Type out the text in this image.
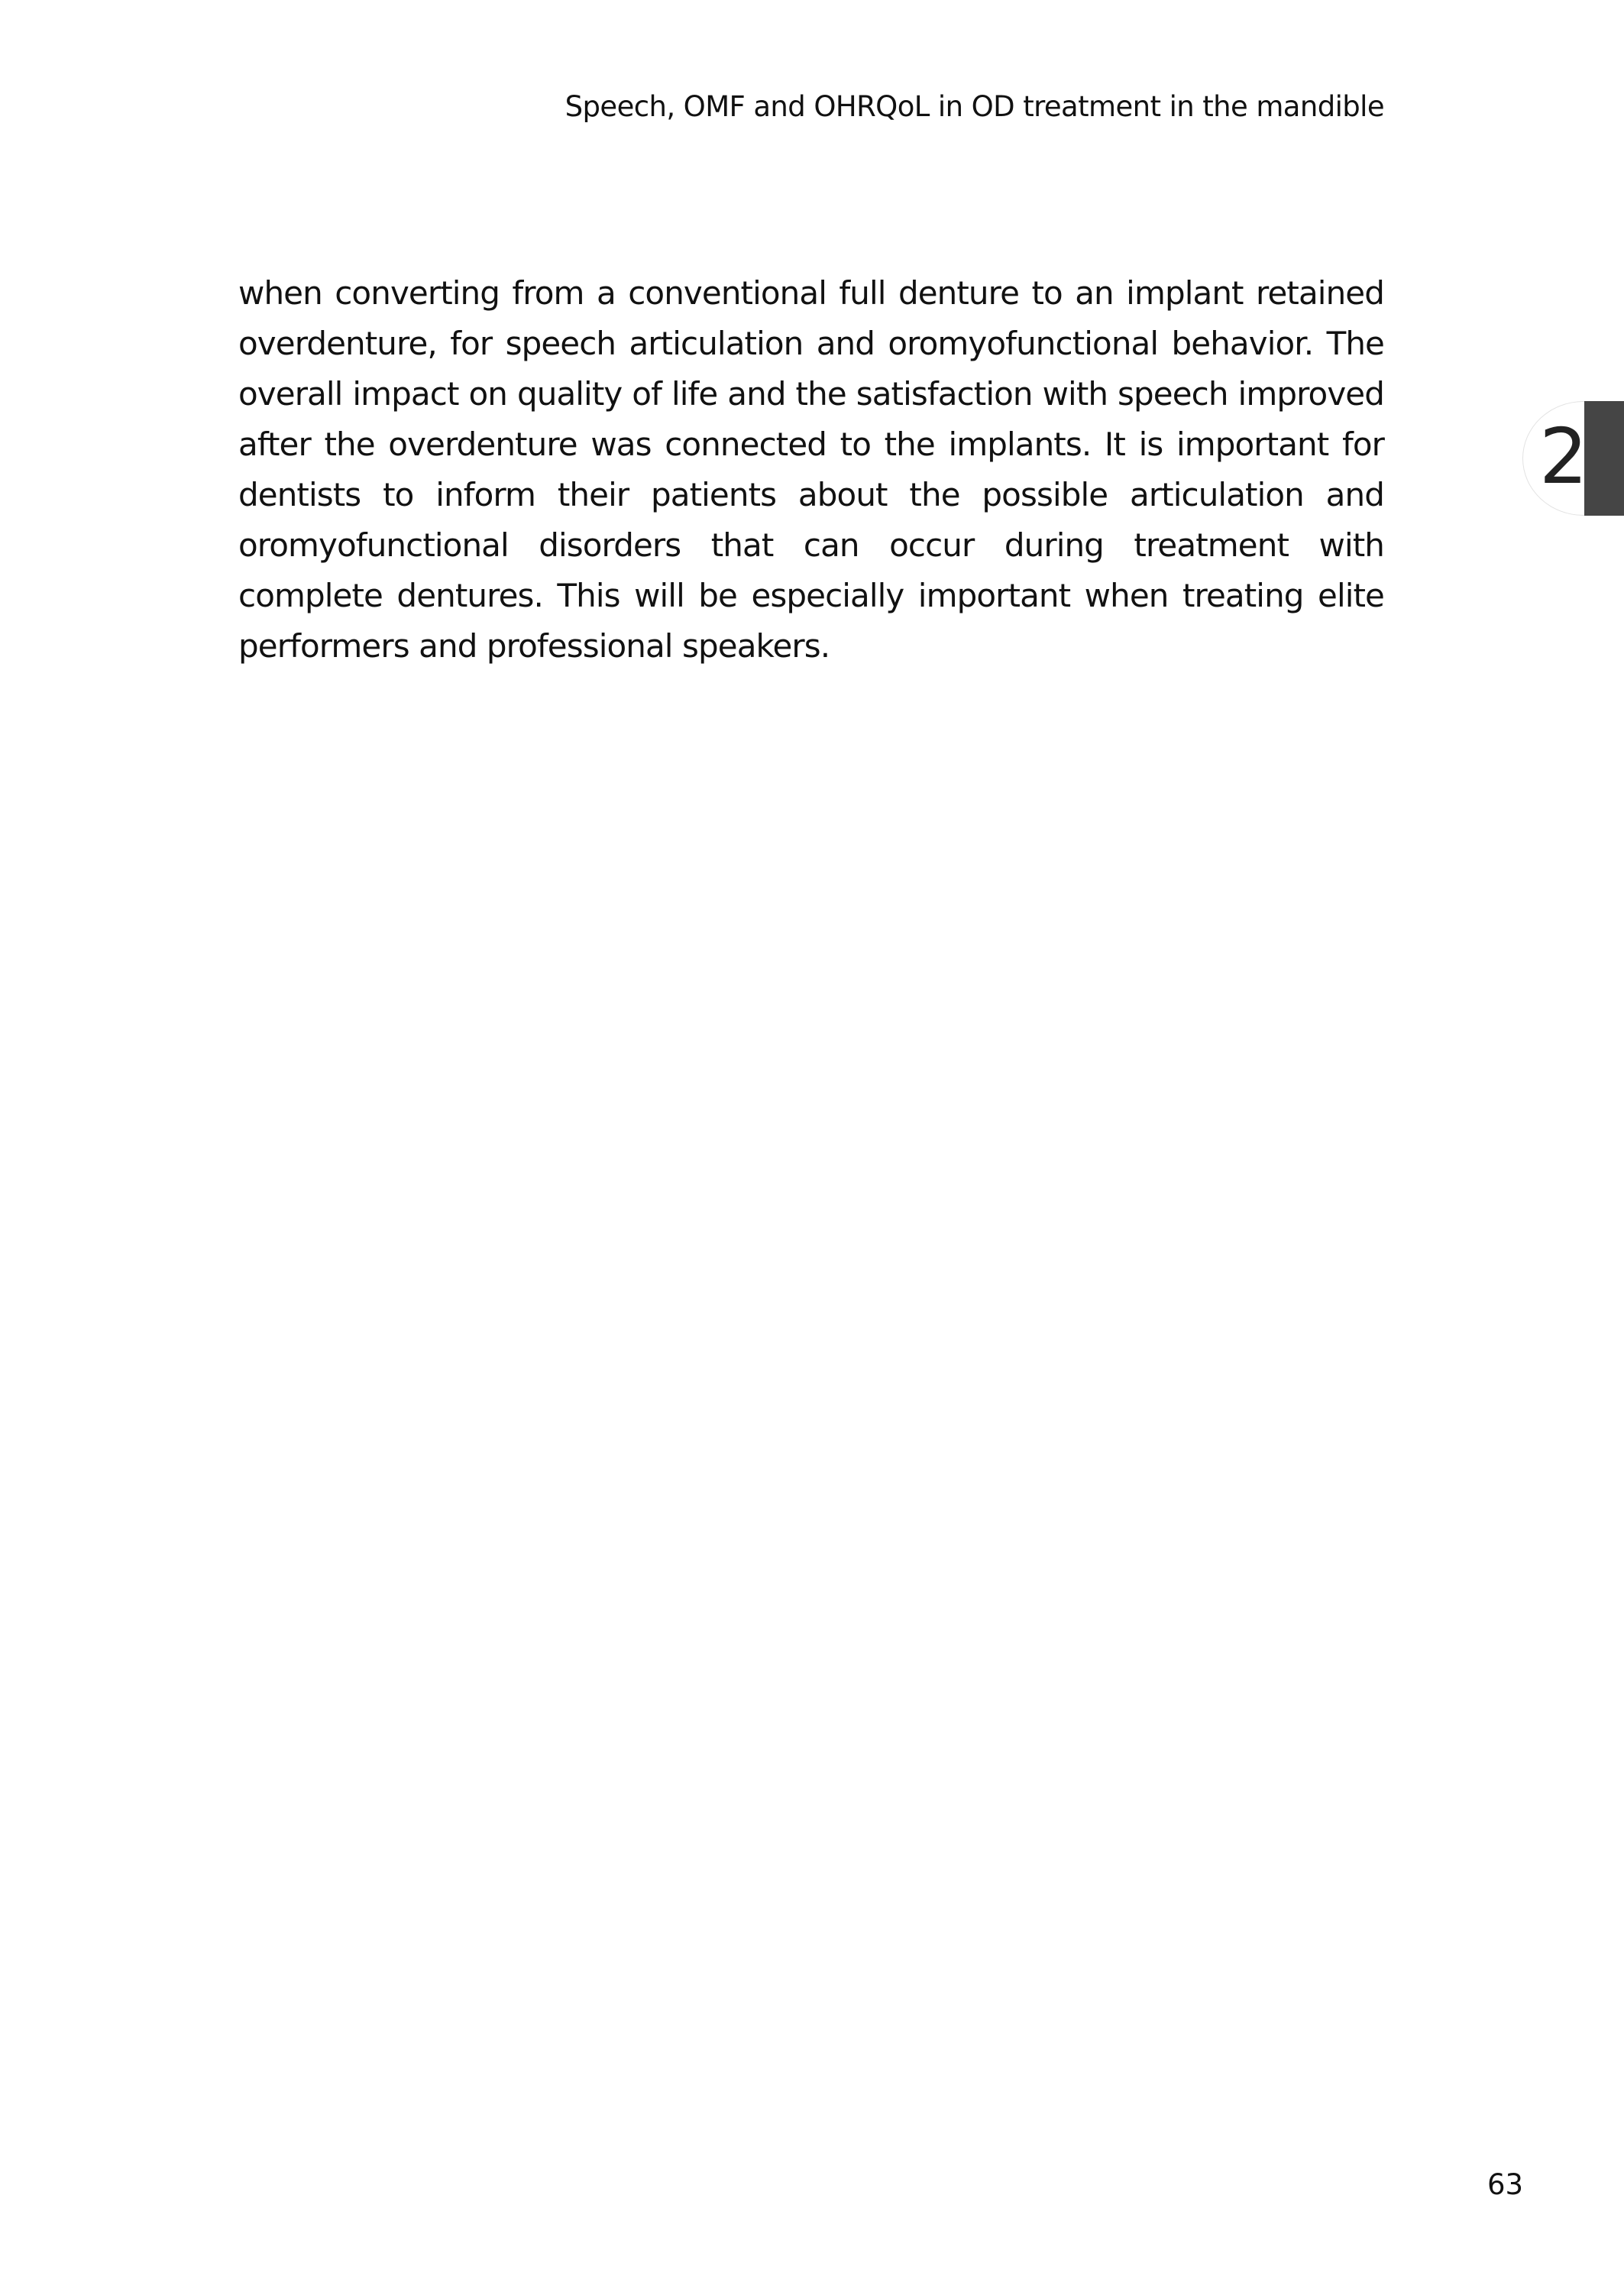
Speech, OMF and OHRQoL in OD treatment in the mandible

when converting from a conventional full denture to an implant retained overdenture, for speech articulation and oromyofunctional behavior. The overall impact on quality of life and the satisfaction with speech improved after the overdenture was connected to the implants. It is important for dentists to inform their patients about the possible articulation and oromyofunctional disorders that can occur during treatment with complete dentures. This will be especially important when treating elite performers and professional speakers.

2
63
